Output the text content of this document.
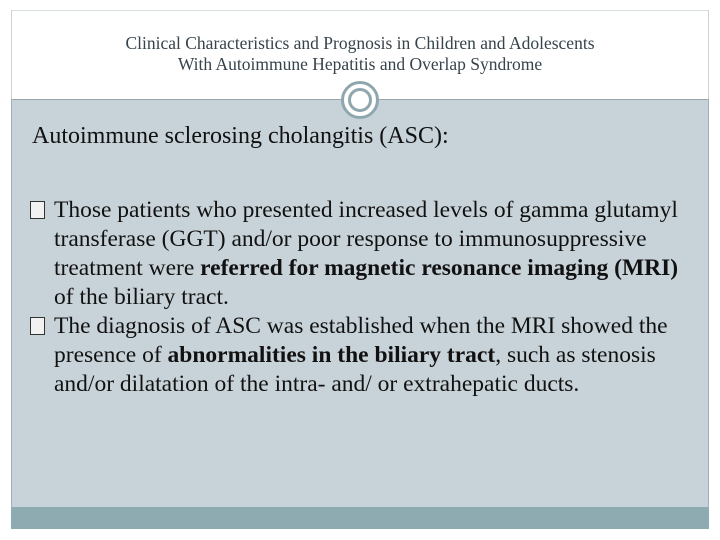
Clinical Characteristics and Prognosis in Children and Adolescents
With Autoimmune Hepatitis and Overlap Syndrome
Autoimmune sclerosing cholangitis (ASC):
Those patients who presented increased levels of gamma glutamyl transferase (GGT) and/or poor response to immunosuppressive treatment were referred for magnetic resonance imaging (MRI) of the biliary tract.
The diagnosis of ASC was established when the MRI showed the presence of abnormalities in the biliary tract, such as stenosis and/or dilatation of the intra- and/ or extrahepatic ducts.
